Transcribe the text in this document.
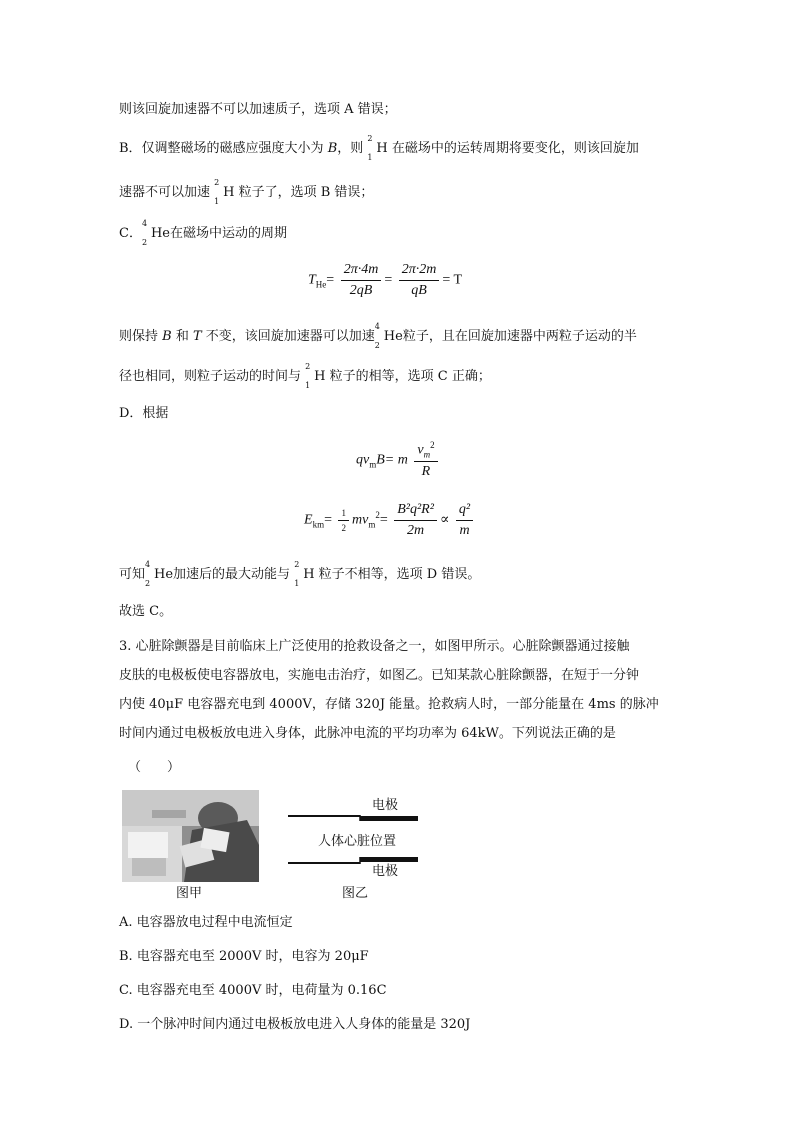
则该回旋加速器不可以加速质子，选项 A 错误；
B．仅调整磁场的磁感应强度大小为 B，则
2
1
H 在磁场中的运转周期将要变化，则该回旋加
速器不可以加速
2
1
H 粒子了，选项 B 错误；
C．
4
2
He在磁场中运动的周期
$T_{He}= \frac{2\pi\cdot 4m}{2qB} = \frac{2\pi\cdot 2m}{qB} = T$
则保持 B 和 T 不变，该回旋加速器可以加速
4
2
He粒子，且在回旋加速器中两粒子运动的半
径也相同，则粒子运动的时间与
2
1
H 粒子的相等，选项 C 正确；
D．根据
$qv_mB= m \frac{v_m^2}{R}$
$E_{km}= \frac{1}{2} mv_m^2= \frac{\text{B²q²R²}}{2m} \propto \frac{\text{q²}}{m}$
可知
4
2
He加速后的最大动能与
2
1
H 粒子不相等，选项 D 错误。
故选 C。
3. 心脏除颤器是目前临床上广泛使用的抢救设备之一，如图甲所示。心脏除颤器通过接触
皮肤的电极板使电容器放电，实施电击治疗，如图乙。已知某款心脏除颤器，在短于一分钟
内使 40μF 电容器充电到 4000V，存储 320J 能量。抢救病人时，一部分能量在 4ms 的脉冲
时间内通过电极板放电进入身体，此脉冲电流的平均功率为 64kW。下列说法正确的是
（　　）
图甲
电极
人体心脏位置
电极
图乙
A. 电容器放电过程中电流恒定
B. 电容器充电至 2000V 时，电容为 20μF
C. 电容器充电至 4000V 时，电荷量为 0.16C
D. 一个脉冲时间内通过电极板放电进入人身体的能量是 320J
